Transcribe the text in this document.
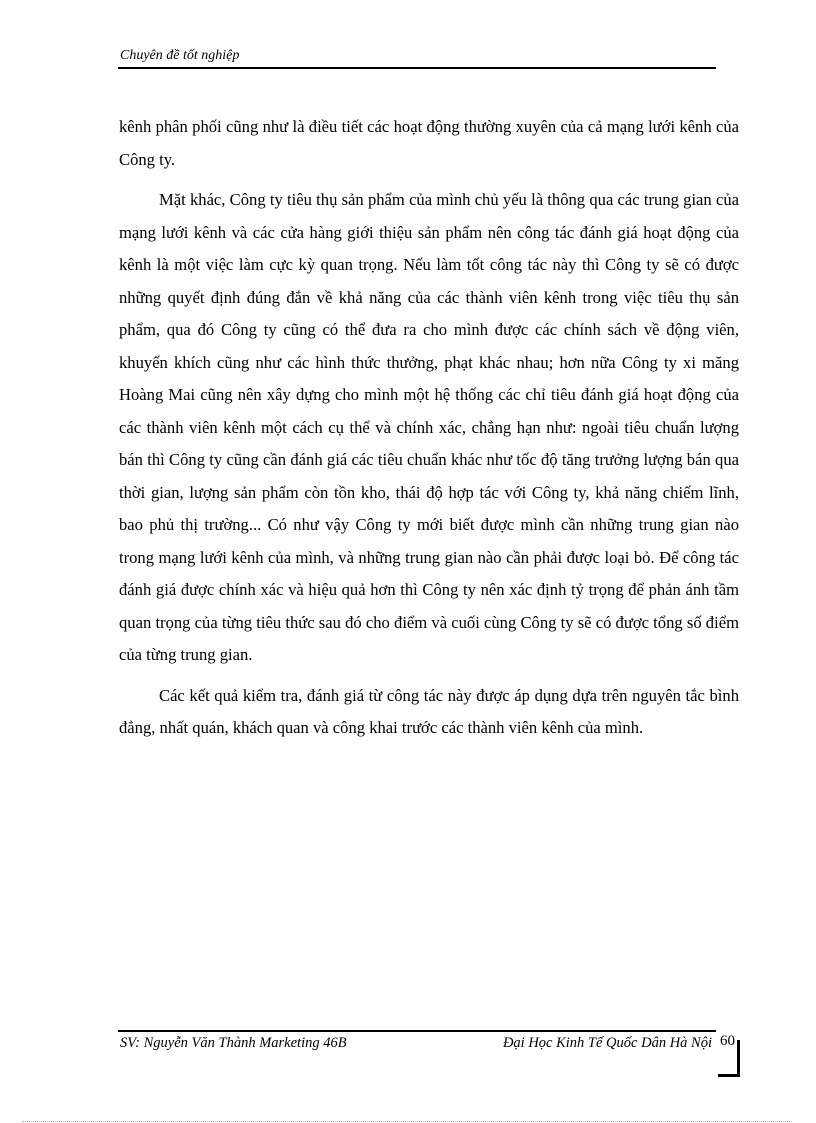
Chuyên đề tốt nghiệp

kênh phân phối cũng như là điều tiết các hoạt động thường xuyên của cả mạng lưới kênh của Công ty.

Mặt khác, Công ty tiêu thụ sản phẩm của mình chủ yếu là thông qua các trung gian của mạng lưới kênh và các cửa hàng giới thiệu sản phẩm nên công tác đánh giá hoạt động của kênh là một việc làm cực kỳ quan trọng. Nếu làm tốt công tác này thì Công ty sẽ có được những quyết định đúng đắn về khả năng của các thành viên kênh trong việc tiêu thụ sản phẩm, qua đó Công ty cũng có thể đưa ra cho mình được các chính sách về động viên, khuyến khích cũng như các hình thức thưởng, phạt khác nhau; hơn nữa Công ty xi măng Hoàng Mai cũng nên xây dựng cho mình một hệ thống các chỉ tiêu đánh giá hoạt động của các thành viên kênh một cách cụ thể và chính xác, chẳng hạn như: ngoài tiêu chuẩn lượng bán thì Công ty cũng cần đánh giá các tiêu chuẩn khác như tốc độ tăng trưởng lượng bán qua thời gian, lượng sản phẩm còn tồn kho, thái độ hợp tác với Công ty, khả năng chiếm lĩnh, bao phủ thị trường... Có như vậy Công ty mới biết được mình cần những trung gian nào trong mạng lưới kênh của mình, và những trung gian nào cần phải được loại bỏ. Để công tác đánh giá được chính xác và hiệu quả hơn thì Công ty nên xác định tỷ trọng để phản ánh tầm quan trọng của từng tiêu thức sau đó cho điểm và cuối cùng Công ty sẽ có được tổng số điểm của từng trung gian.

Các kết quả kiểm tra, đánh giá từ công tác này được áp dụng dựa trên nguyên tắc bình đẳng, nhất quán, khách quan và công khai trước các thành viên kênh của mình.

SV: Nguyễn Văn Thành Marketing 46B	Đại Học Kinh Tế Quốc Dân Hà Nội 60
